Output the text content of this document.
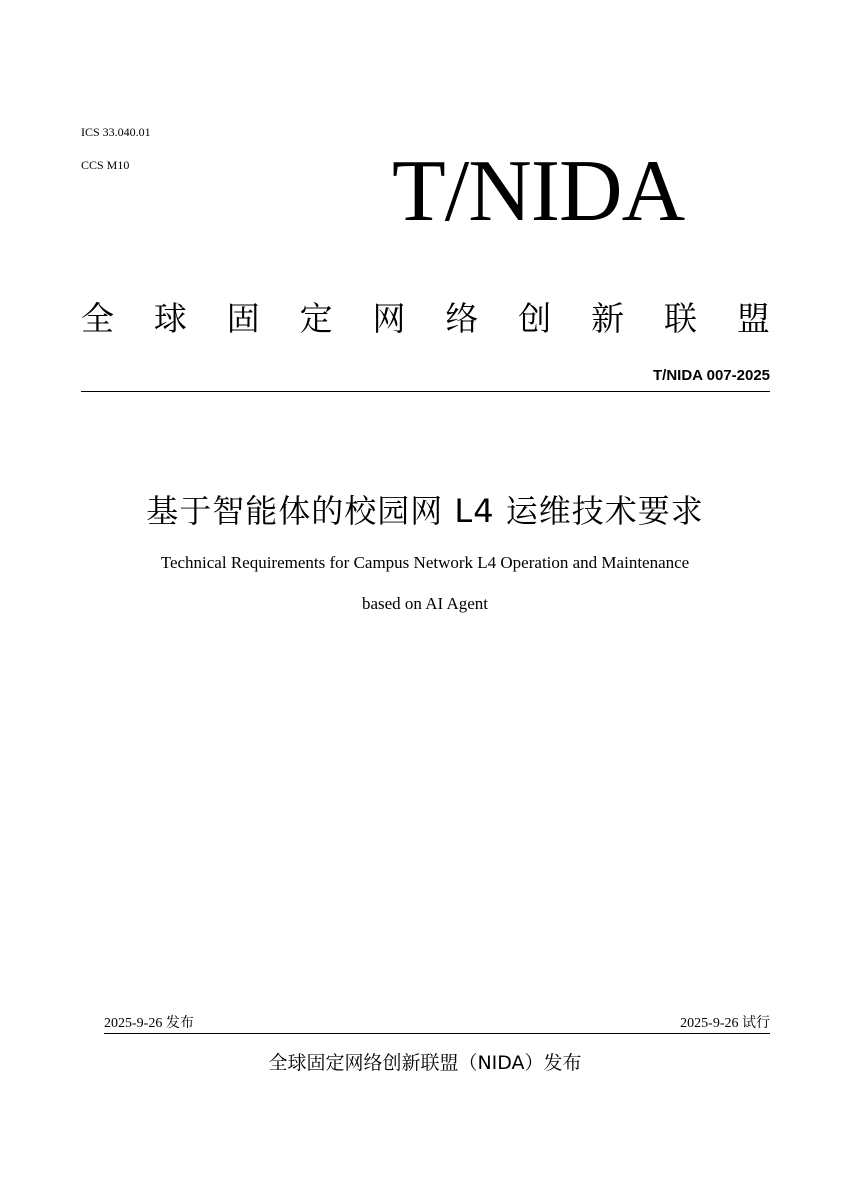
ICS 33.040.01
CCS M10	T/NIDA
全 球 固 定 网 络 创 新 联 盟
T/NIDA 007-2025
基于智能体的校园网 L4 运维技术要求
Technical Requirements for Campus Network L4 Operation and Maintenance
based on AI Agent
2025-9-26 发布	2025-9-26 试行
全球固定网络创新联盟（NIDA）发布
